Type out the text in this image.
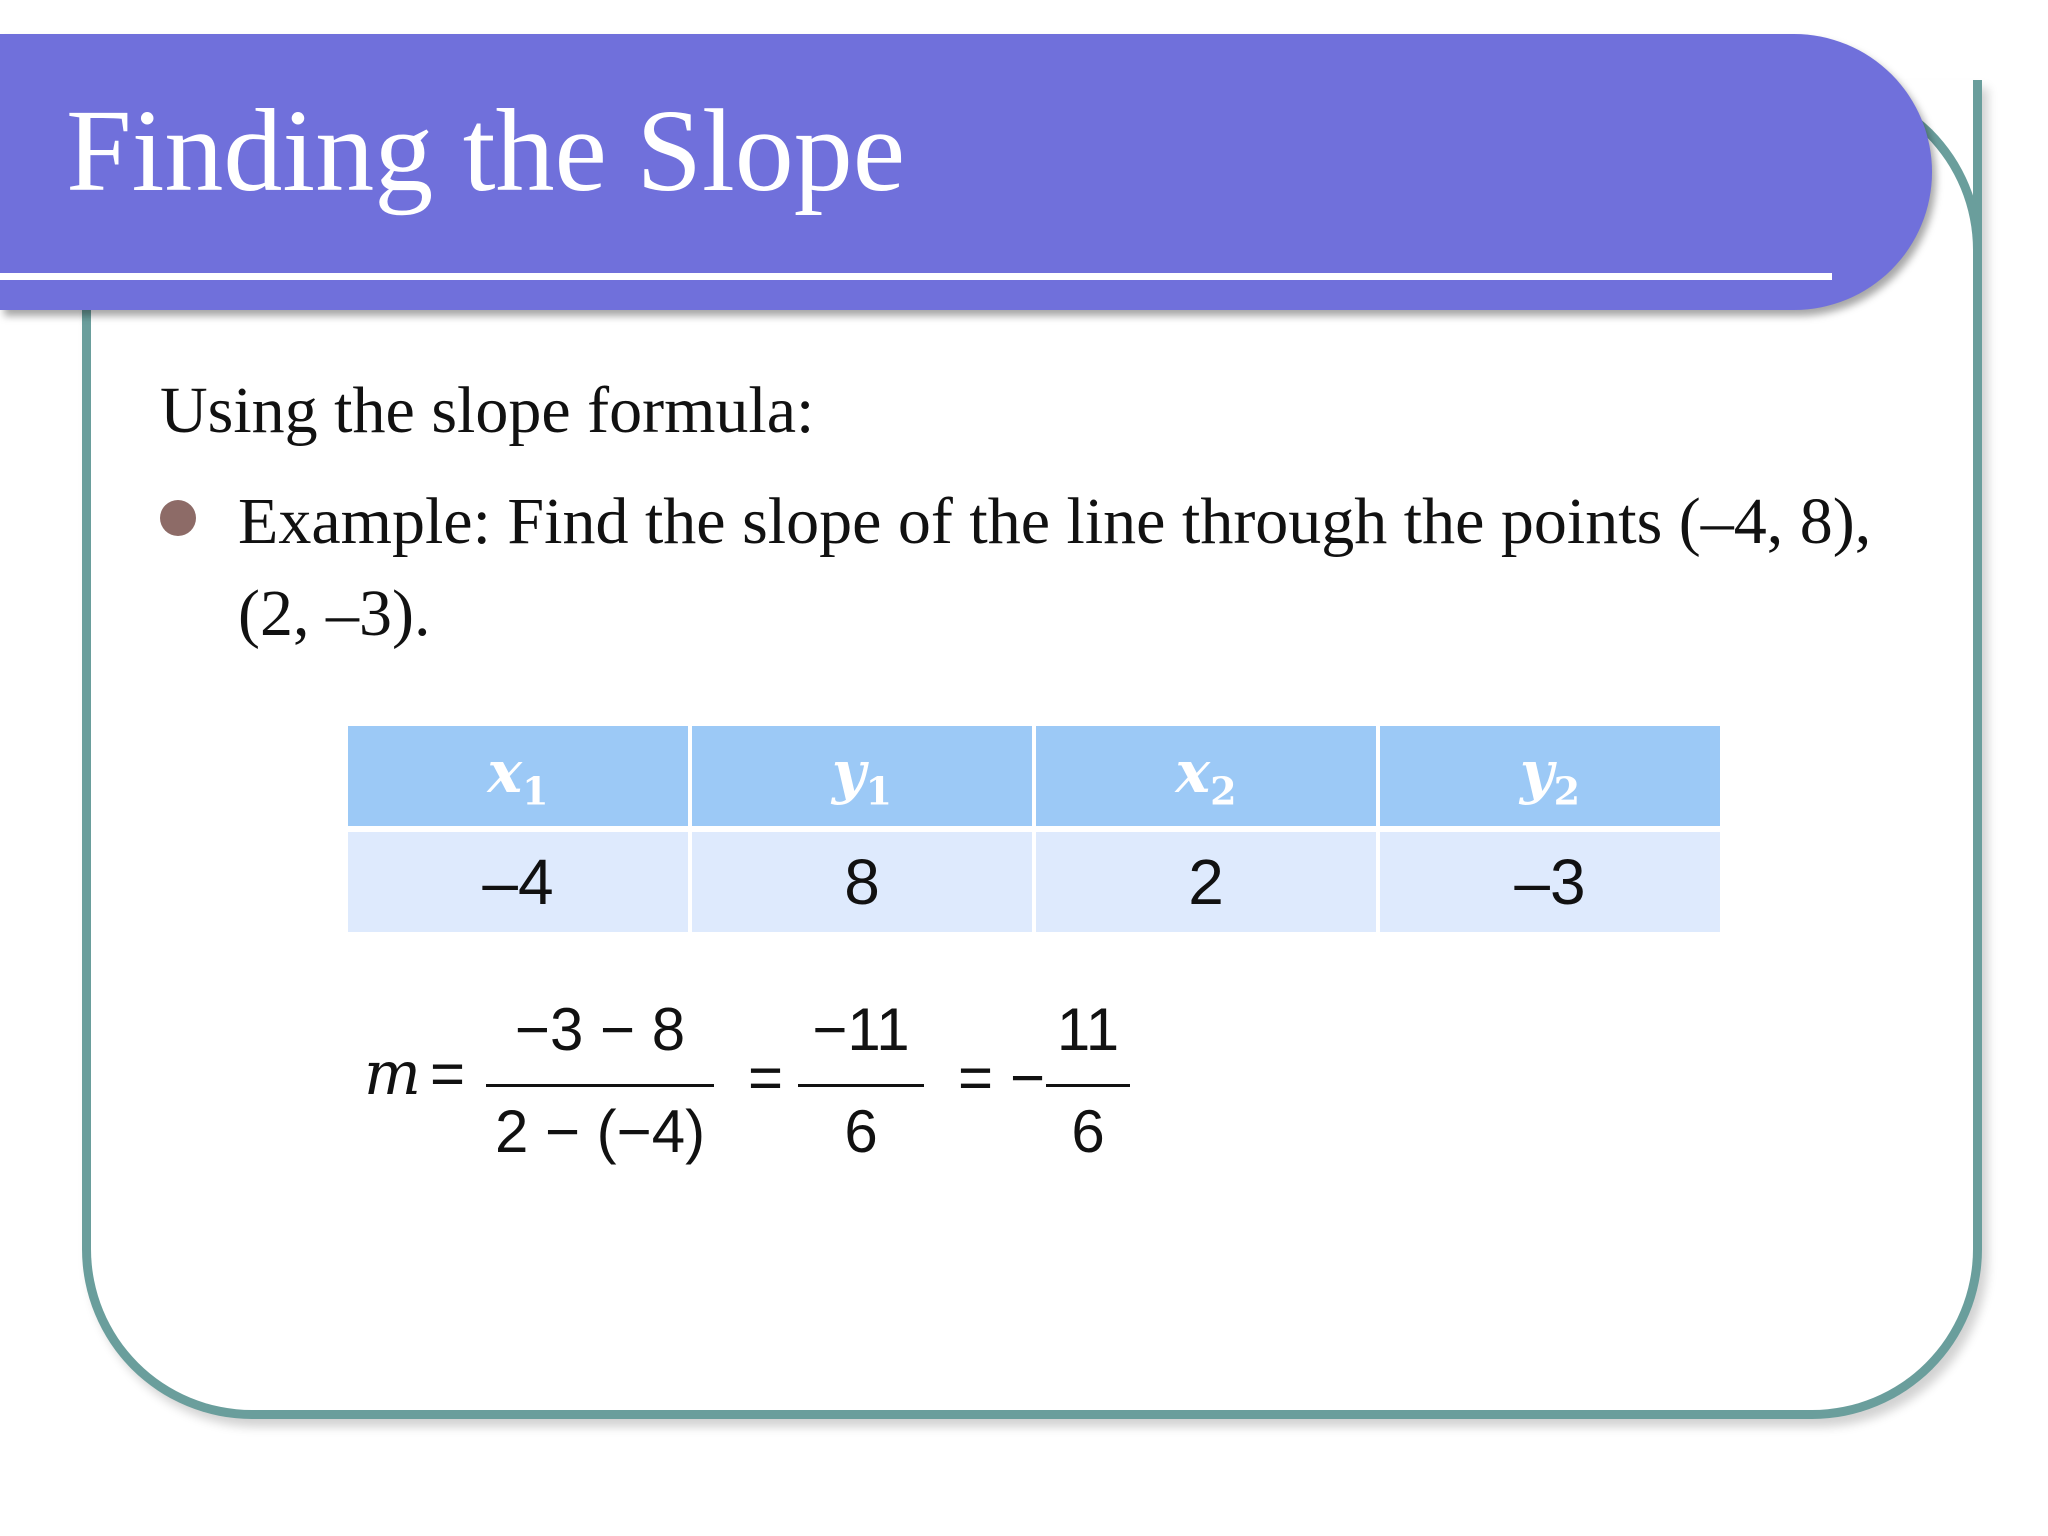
Finding the Slope
Using the slope formula:
Example: Find the slope of the line through the points (–4, 8), (2, –3).
$x_1$	$y_1$	$x_2$	$y_2$
–4	8	2	–3
m =
−3 − 8
2 − (−4)
=
−11
6
= −
11
6
